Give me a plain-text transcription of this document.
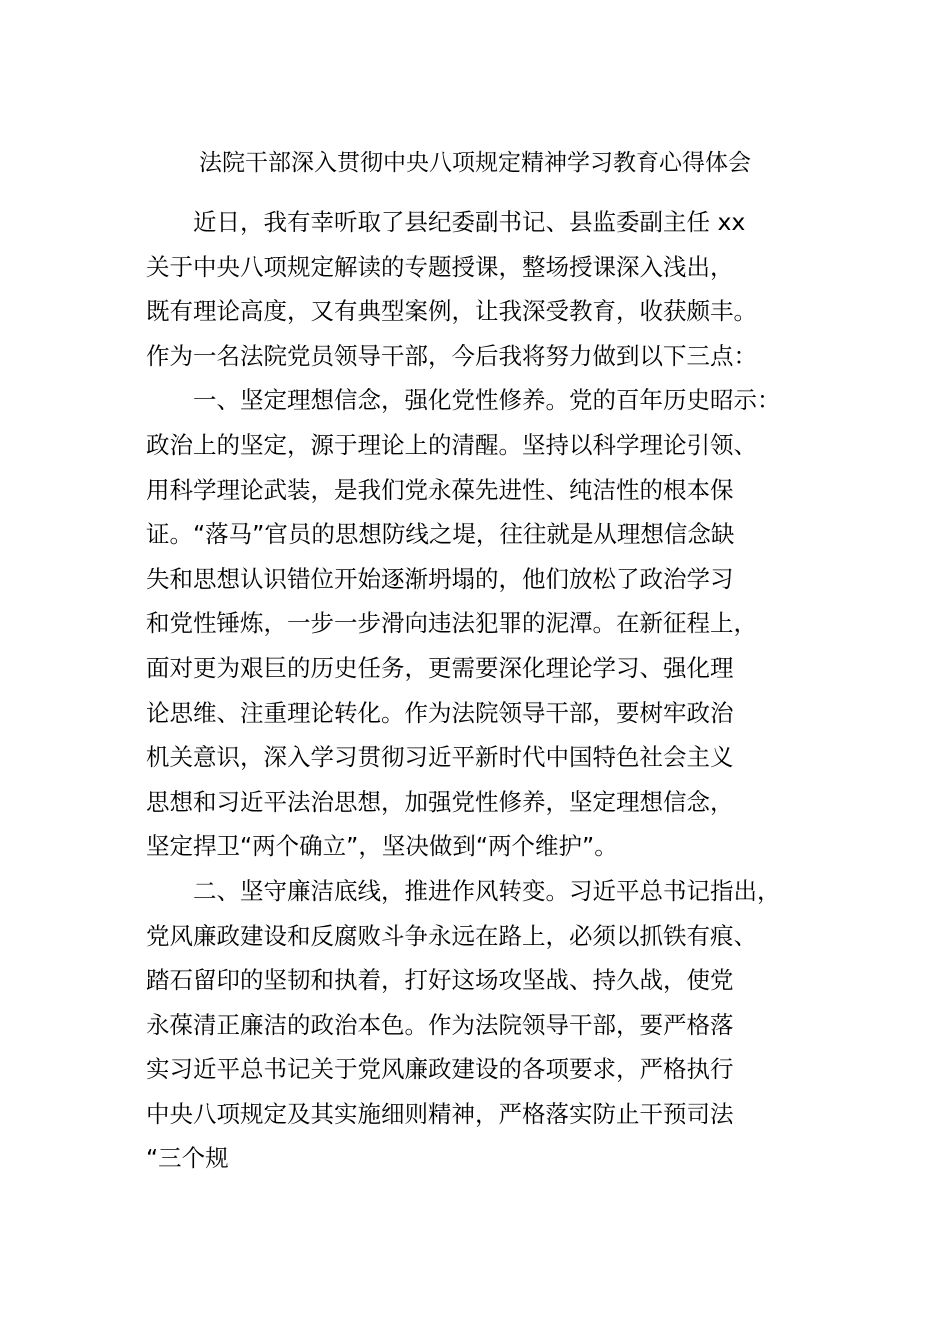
法院干部深入贯彻中央八项规定精神学习教育心得体会
近日，我有幸听取了县纪委副书记、县监委副主任 xx
关于中央八项规定解读的专题授课，整场授课深入浅出，
既有理论高度，又有典型案例，让我深受教育，收获颇丰。
作为一名法院党员领导干部，今后我将努力做到以下三点：
一、坚定理想信念，强化党性修养。党的百年历史昭示：
政治上的坚定，源于理论上的清醒。坚持以科学理论引领、
用科学理论武装，是我们党永葆先进性、纯洁性的根本保
证。“落马”官员的思想防线之堤，往往就是从理想信念缺
失和思想认识错位开始逐渐坍塌的，他们放松了政治学习
和党性锤炼，一步一步滑向违法犯罪的泥潭。在新征程上，
面对更为艰巨的历史任务，更需要深化理论学习、强化理
论思维、注重理论转化。作为法院领导干部，要树牢政治
机关意识，深入学习贯彻习近平新时代中国特色社会主义
思想和习近平法治思想，加强党性修养，坚定理想信念，
坚定捍卫“两个确立”，坚决做到“两个维护”。
二、坚守廉洁底线，推进作风转变。习近平总书记指出，
党风廉政建设和反腐败斗争永远在路上，必须以抓铁有痕、
踏石留印的坚韧和执着，打好这场攻坚战、持久战，使党
永葆清正廉洁的政治本色。作为法院领导干部，要严格落
实习近平总书记关于党风廉政建设的各项要求，严格执行
中央八项规定及其实施细则精神，严格落实防止干预司法
“三个规
